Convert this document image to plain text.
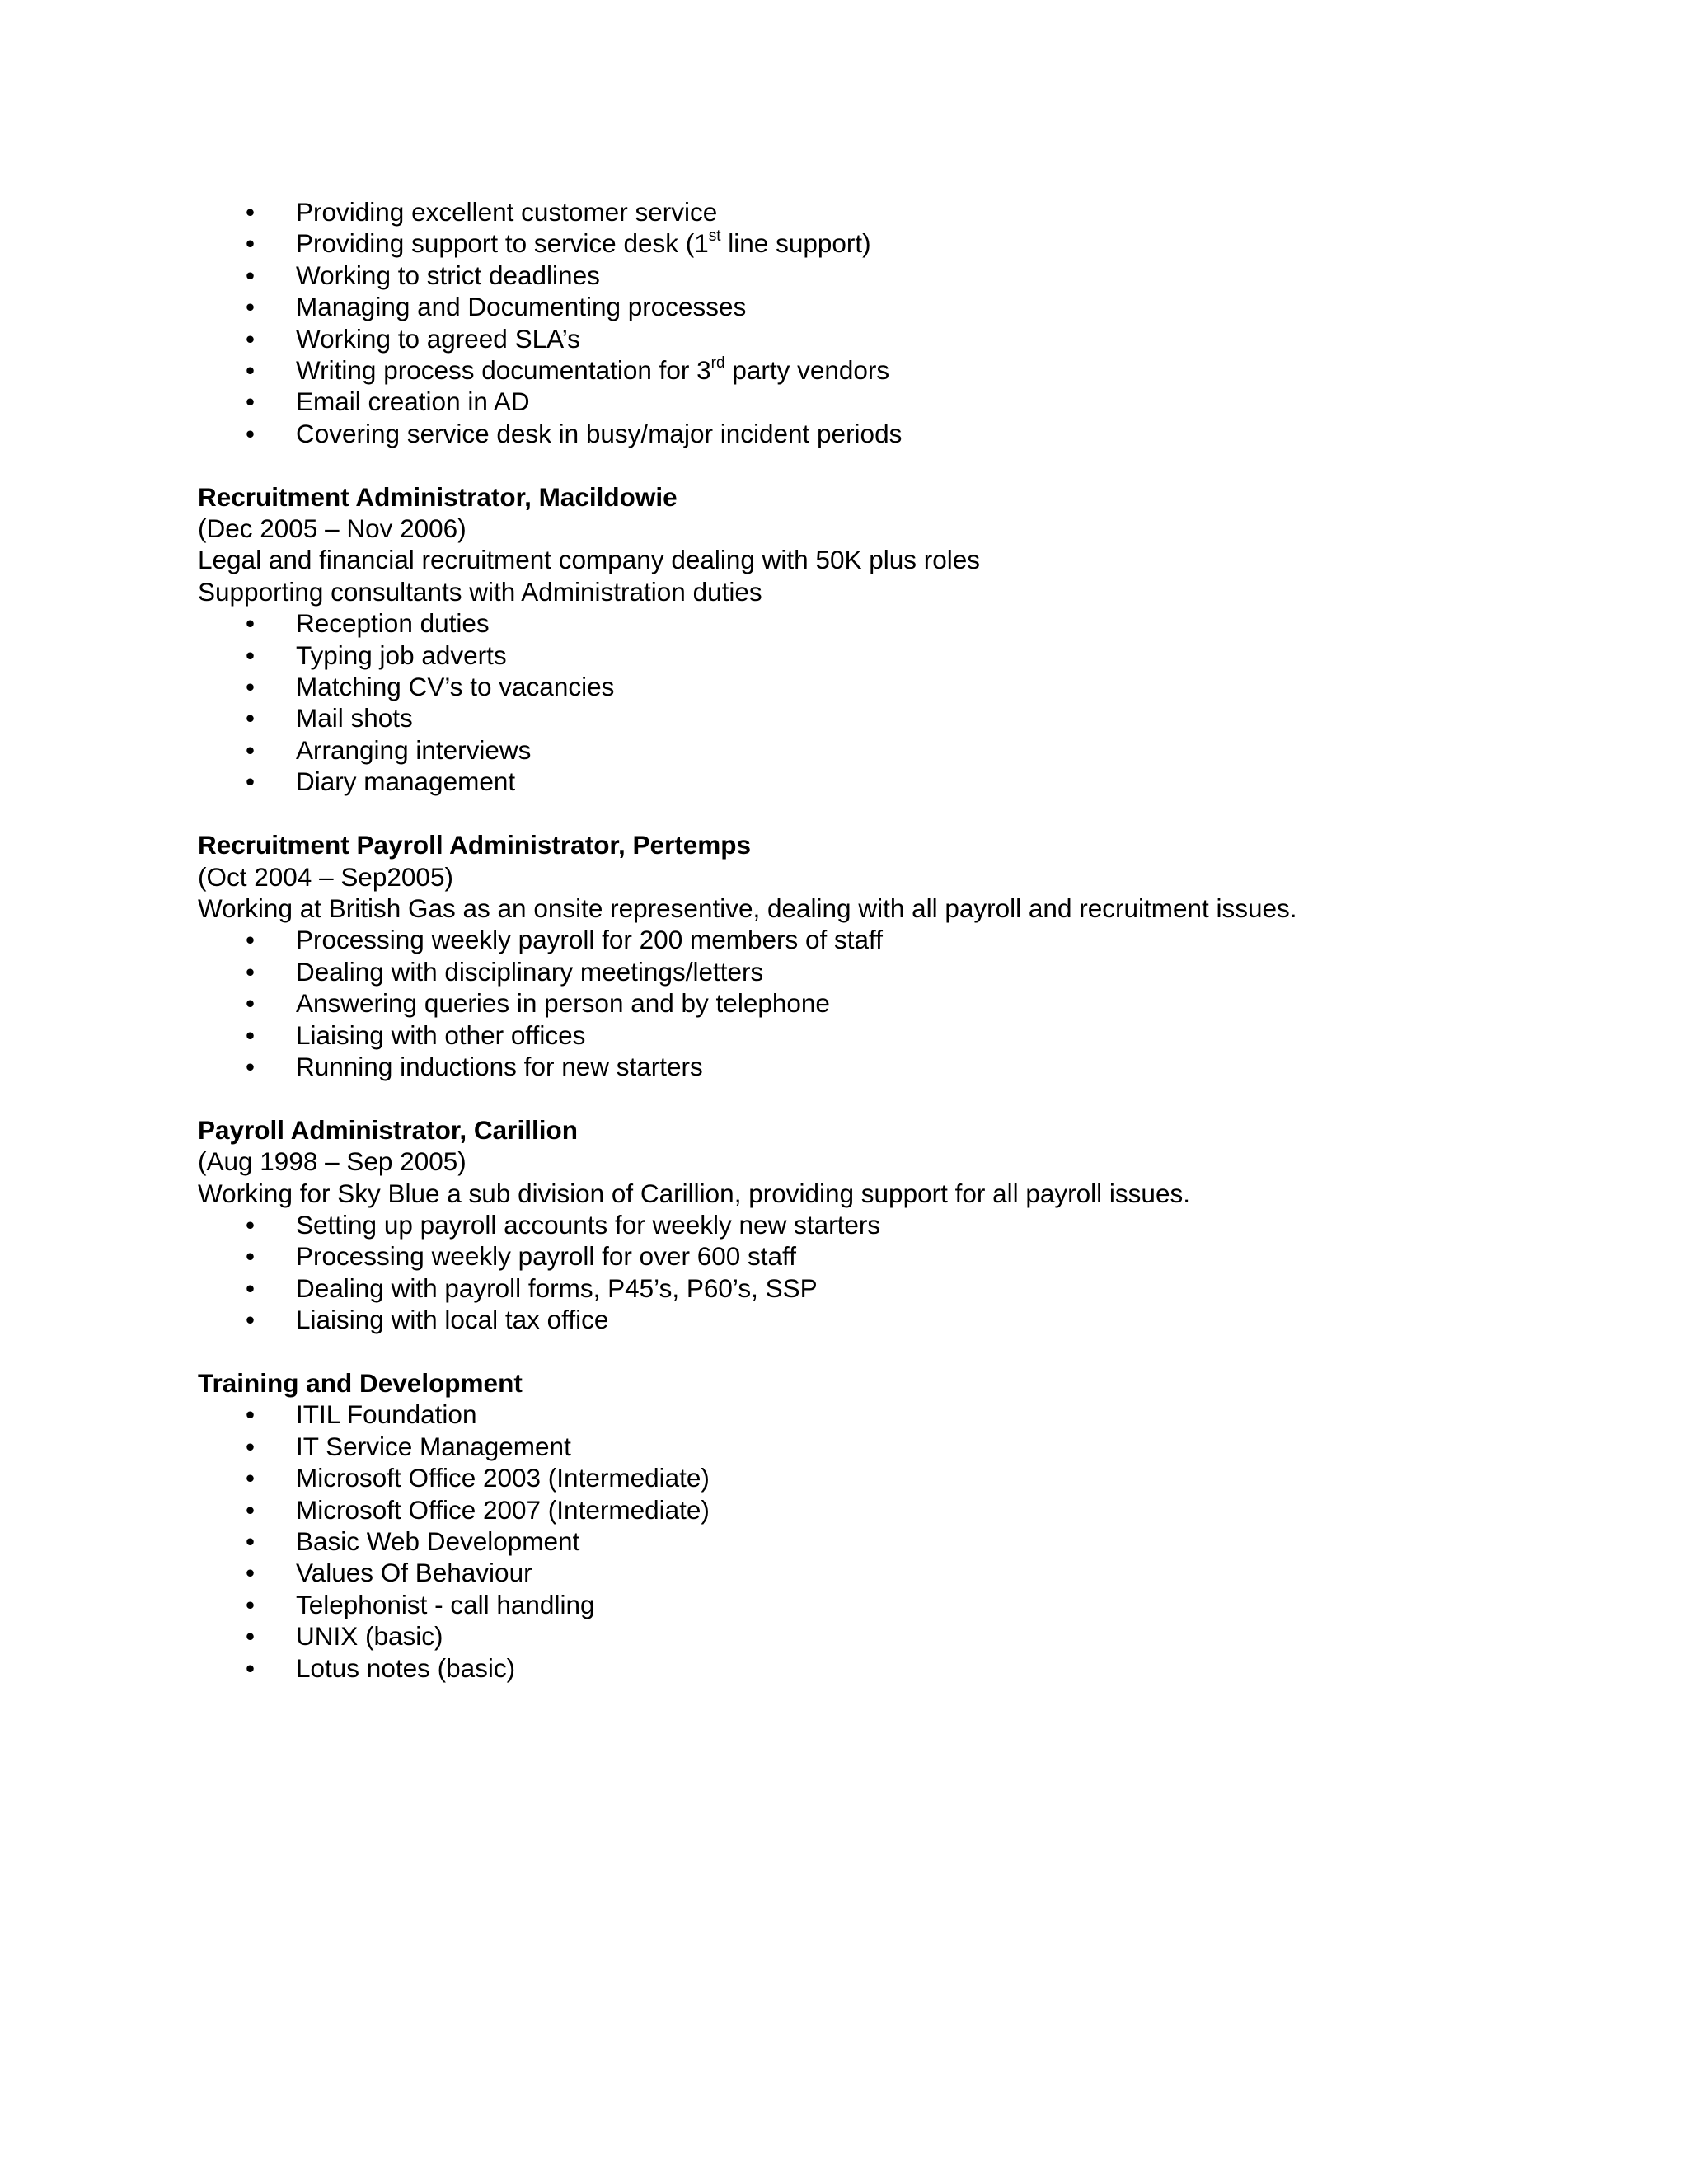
• Providing excellent customer service
• Providing support to service desk (1st line support)
• Working to strict deadlines
• Managing and Documenting processes
• Working to agreed SLA’s
• Writing process documentation for 3rd party vendors
• Email creation in AD
• Covering service desk in busy/major incident periods

Recruitment Administrator, Macildowie

(Dec 2005 – Nov 2006)

Legal and financial recruitment company dealing with 50K plus roles

Supporting consultants with Administration duties

• Reception duties
• Typing job adverts
• Matching CV’s to vacancies
• Mail shots
• Arranging interviews
• Diary management

Recruitment Payroll Administrator, Pertemps

(Oct 2004 – Sep2005)

Working at British Gas as an onsite representive, dealing with all payroll and recruitment issues.

• Processing weekly payroll for 200 members of staff
• Dealing with disciplinary meetings/letters
• Answering queries in person and by telephone
• Liaising with other offices
• Running inductions for new starters

Payroll Administrator, Carillion

(Aug 1998 – Sep 2005)

Working for Sky Blue a sub division of Carillion, providing support for all payroll issues.

• Setting up payroll accounts for weekly new starters
• Processing weekly payroll for over 600 staff
• Dealing with payroll forms, P45’s, P60’s, SSP
• Liaising with local tax office

Training and Development

• ITIL Foundation
• IT Service Management
• Microsoft Office 2003 (Intermediate)
• Microsoft Office 2007 (Intermediate)
• Basic Web Development
• Values Of Behaviour
• Telephonist - call handling
• UNIX (basic)
• Lotus notes (basic)
